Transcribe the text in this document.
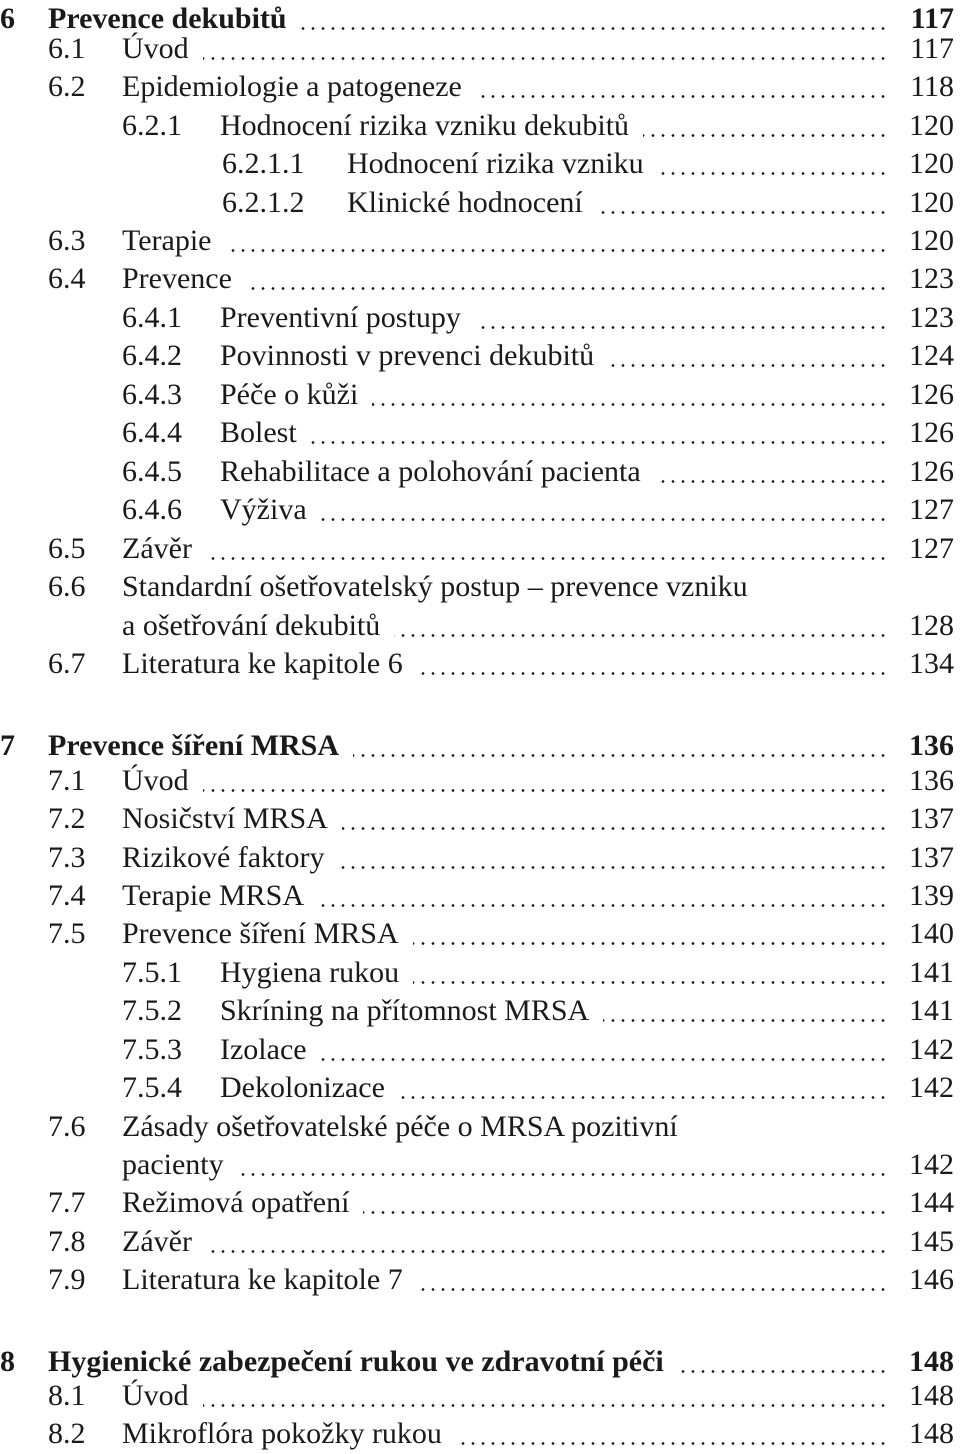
6 Prevence dekubitů	117
6.1 Úvod	117
6.2 Epidemiologie a patogeneze	118
6.2.1 Hodnocení rizika vzniku dekubitů	120
6.2.1.1 Hodnocení rizika vzniku	120
6.2.1.2 Klinické hodnocení	120
6.3 Terapie	120
6.4 Prevence	123
6.4.1 Preventivní postupy	123
6.4.2 Povinnosti v prevenci dekubitů	124
6.4.3 Péče o kůži	126
6.4.4 Bolest	126
6.4.5 Rehabilitace a polohování pacienta	126
6.4.6 Výživa	127
6.5 Závěr	127
6.6 Standardní ošetřovatelský postup – prevence vzniku
a ošetřování dekubitů	128
6.7 Literatura ke kapitole 6	134
7 Prevence šíření MRSA	136
7.1 Úvod	136
7.2 Nosičství MRSA	137
7.3 Rizikové faktory	137
7.4 Terapie MRSA	139
7.5 Prevence šíření MRSA	140
7.5.1 Hygiena rukou	141
7.5.2 Skríning na přítomnost MRSA	141
7.5.3 Izolace	142
7.5.4 Dekolonizace	142
7.6 Zásady ošetřovatelské péče o MRSA pozitivní
pacienty	142
7.7 Režimová opatření	144
7.8 Závěr	145
7.9 Literatura ke kapitole 7	146
8 Hygienické zabezpečení rukou ve zdravotní péči	148
8.1 Úvod	148
8.2 Mikroflóra pokožky rukou	148
